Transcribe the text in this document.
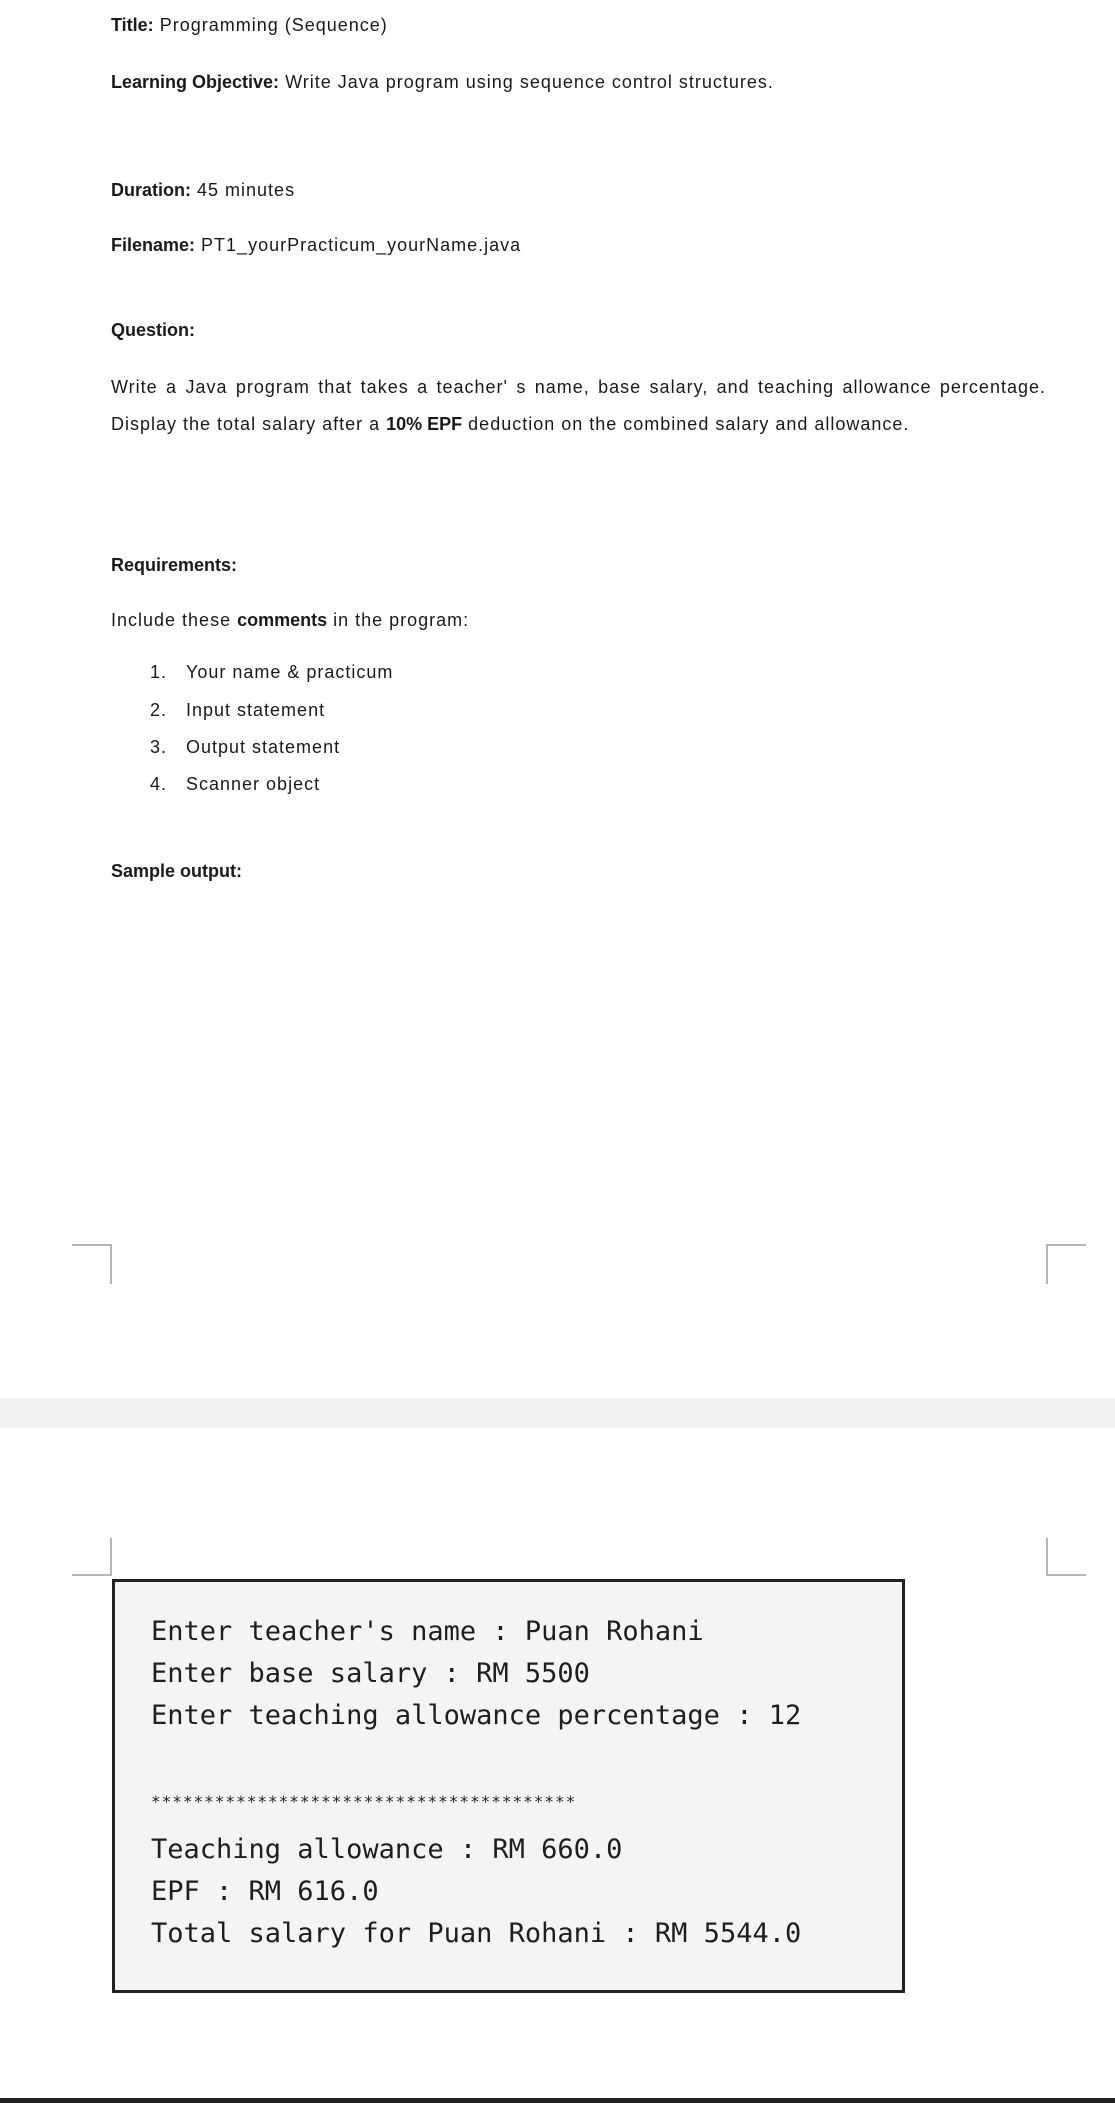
Title: Programming (Sequence)
Learning Objective: Write Java program using sequence control structures.
Duration: 45 minutes
Filename: PT1_yourPracticum_yourName.java
Question:
Write a Java program that takes a teacher' s name, base salary, and teaching allowance percentage. Display the total salary after a 10% EPF deduction on the combined salary and allowance.
Requirements:
Include these comments in the program:
1. Your name & practicum
2. Input statement
3. Output statement
4. Scanner object
Sample output:
Enter teacher's name : Puan Rohani
Enter base salary : RM 5500
Enter teaching allowance percentage : 12
****************************************
Teaching allowance : RM 660.0
EPF : RM 616.0
Total salary for Puan Rohani : RM 5544.0
